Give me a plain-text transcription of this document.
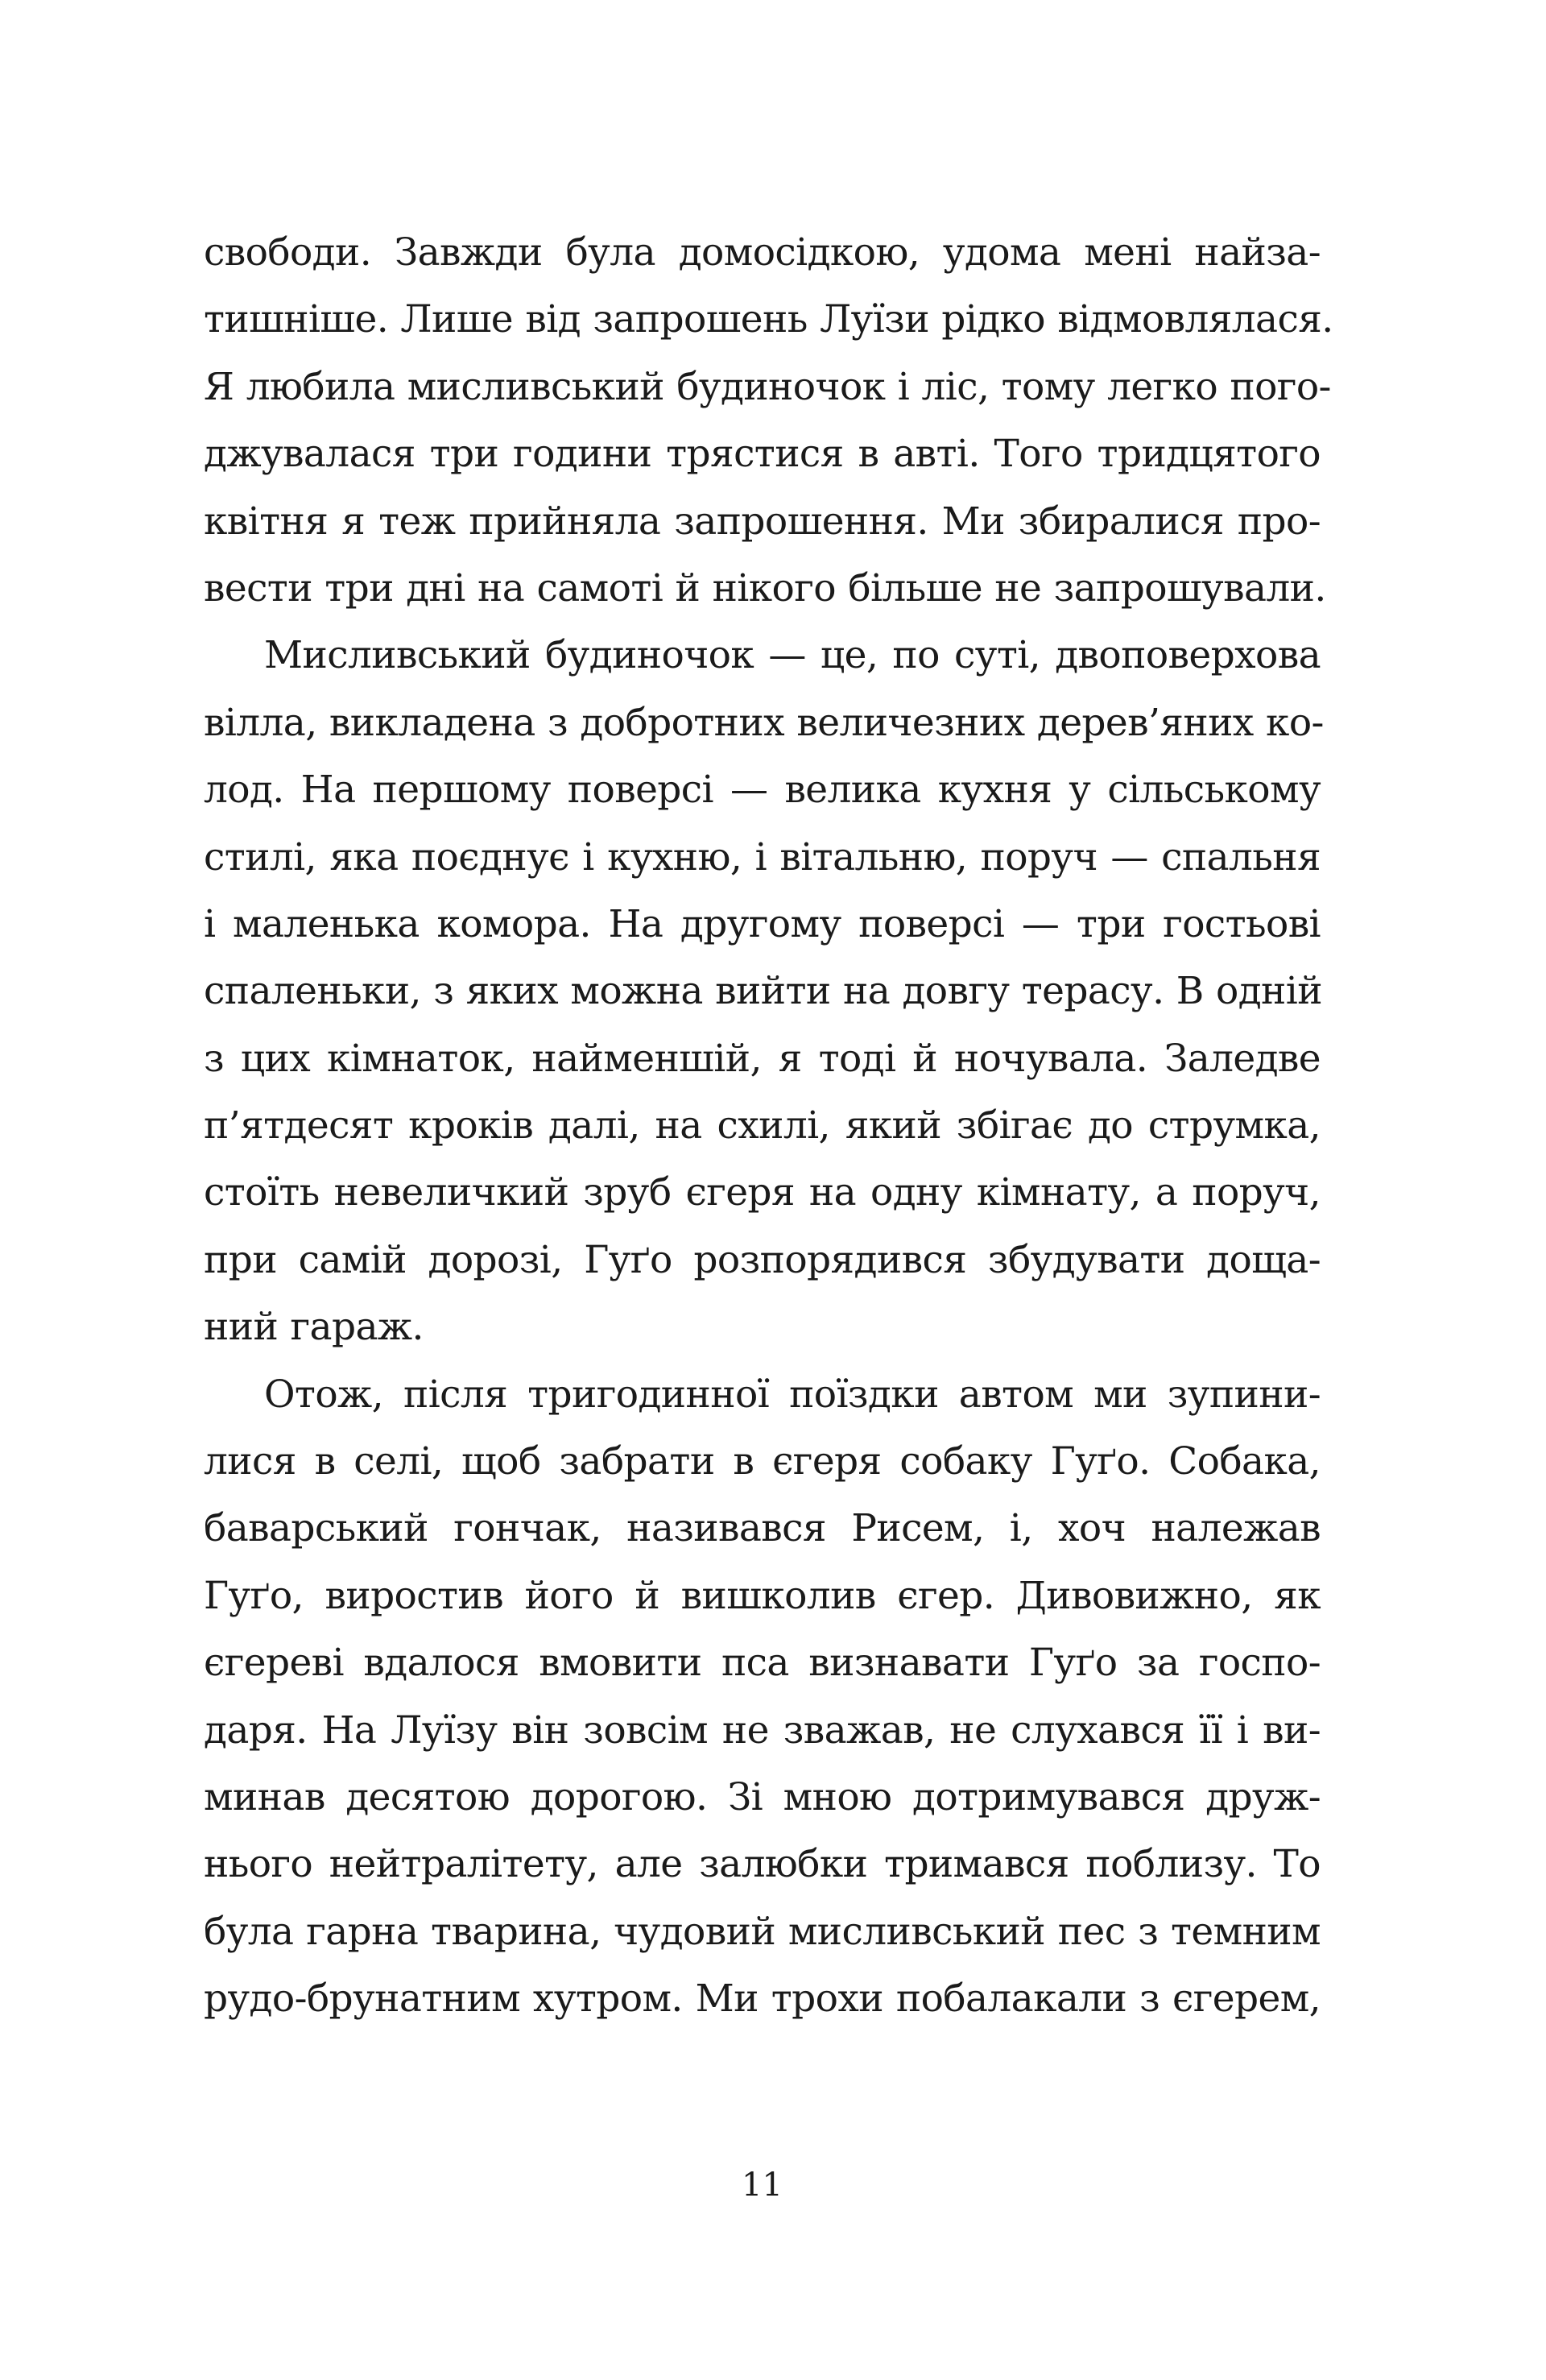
свободи. Завжди була домосідкою, удома мені найза-
тишніше. Лише від запрошень Луїзи рідко відмовлялася.
Я любила мисливський будиночок і ліс, тому легко пого-
джувалася три години трястися в авті. Того тридцятого
квітня я теж прийняла запрошення. Ми збиралися про-
вести три дні на самоті й нікого більше не запрошували.
Мисливський будиночок — це, по суті, двоповерхова
вілла, викладена з добротних величезних дерев’яних ко-
лод. На першому поверсі — велика кухня у сільському
стилі, яка поєднує і кухню, і вітальню, поруч — спальня
і маленька комора. На другому поверсі — три гостьові
спаленьки, з яких можна вийти на довгу терасу. В одній
з цих кімнаток, найменшій, я тоді й ночувала. Заледве
п’ятдесят кроків далі, на схилі, який збігає до струмка,
стоїть невеличкий зруб єгеря на одну кімнату, а поруч,
при самій дорозі, Гуґо розпорядився збудувати доща-
ний гараж.
Отож, після тригодинної поїздки автом ми зупини-
лися в селі, щоб забрати в єгеря собаку Гуґо. Собака,
баварський гончак, називався Рисем, і, хоч належав
Гуґо, виростив його й вишколив єгер. Дивовижно, як
єгереві вдалося вмовити пса визнавати Гуґо за госпо-
даря. На Луїзу він зовсім не зважав, не слухався її і ви-
минав десятою дорогою. Зі мною дотримувався друж-
нього нейтралітету, але залюбки тримався поблизу. То
була гарна тварина, чудовий мисливський пес з темним
рудо-брунатним хутром. Ми трохи побалакали з єгерем,
11
